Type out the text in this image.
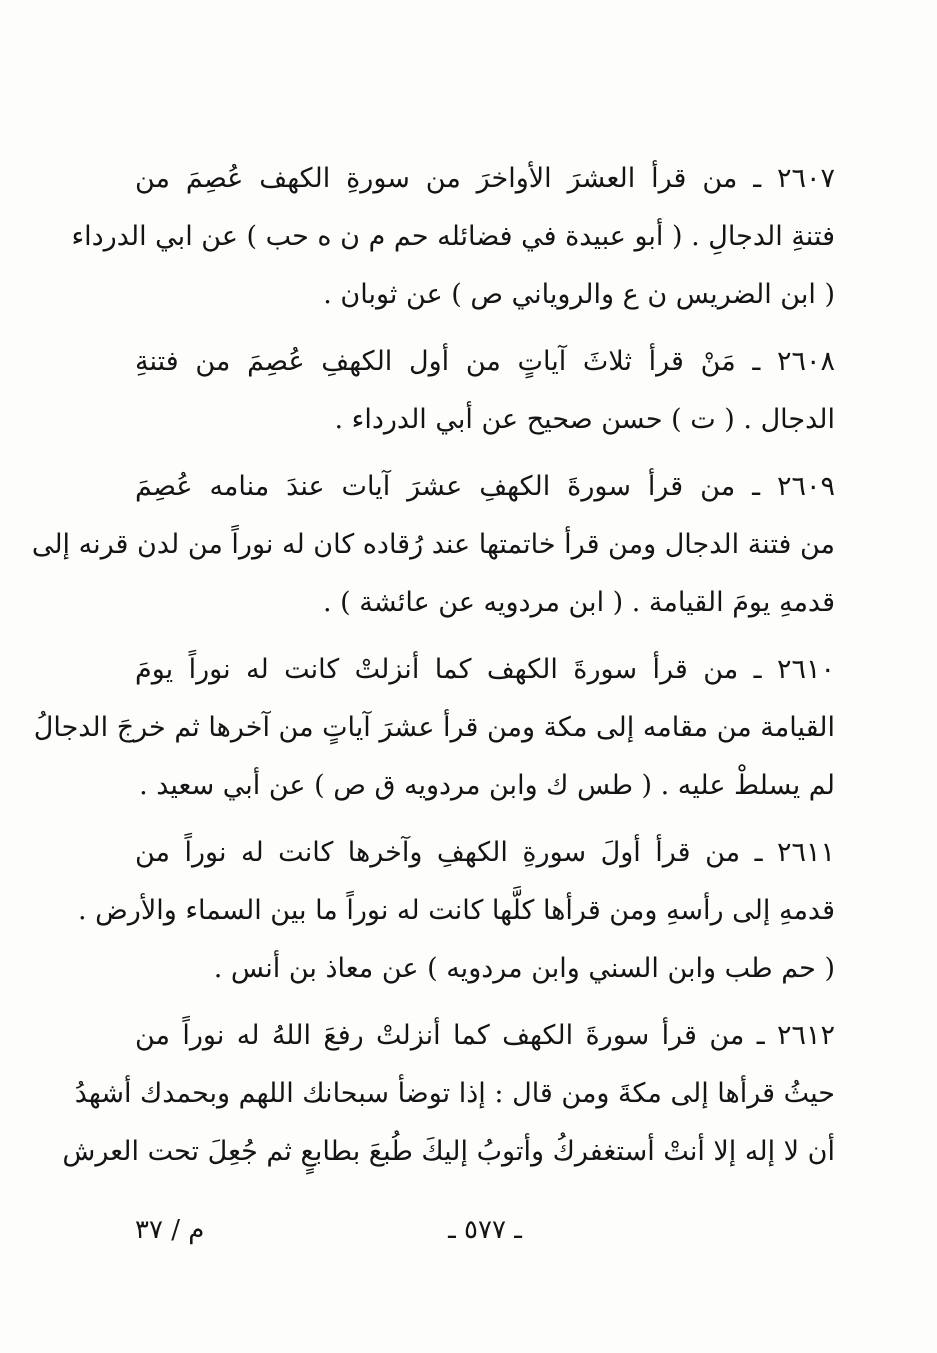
٢٦٠٧ ـ من قرأ العشرَ الأواخرَ من سورةِ الكهف عُصِمَ من
فتنةِ الدجالِ . ( أبو عبيدة في فضائله حم م ن ه حب ) عن ابي الدرداء
( ابن الضريس ن ع والروياني ص ) عن ثوبان .
٢٦٠٨ ـ مَنْ قرأ ثلاثَ آياتٍ من أول الكهفِ عُصِمَ من فتنةِ
الدجال . ( ت ) حسن صحيح عن أبي الدرداء .
٢٦٠٩ ـ من قرأ سورةَ الكهفِ عشرَ آيات عندَ منامه عُصِمَ
من فتنة الدجال ومن قرأ خاتمتها عند رُقاده كان له نوراً من لدن قرنه إلى
قدمهِ يومَ القيامة . ( ابن مردويه عن عائشة ) .
٢٦١٠ ـ من قرأ سورةَ الكهف كما أنزلتْ كانت له نوراً يومَ
القيامة من مقامه إلى مكة ومن قرأ عشرَ آياتٍ من آخرها ثم خرجَ الدجالُ
لم يسلطْ عليه . ( طس ك وابن مردويه ق ص ) عن أبي سعيد .
٢٦١١ ـ من قرأ أولَ سورةِ الكهفِ وآخرها كانت له نوراً من
قدمهِ إلى رأسهِ ومن قرأها كلَّها كانت له نوراً ما بين السماء والأرض .
( حم طب وابن السني وابن مردويه ) عن معاذ بن أنس .
٢٦١٢ ـ من قرأ سورةَ الكهف كما أنزلتْ رفعَ اللهُ له نوراً من
حيثُ قرأها إلى مكةَ ومن قال : إذا توضأ سبحانك اللهم وبحمدك أشهدُ
أن لا إله إلا أنتْ أستغفركُ وأتوبُ إليكَ طُبعَ بطابعٍ ثم جُعِلَ تحت العرش
م / ٣٧	ـ ٥٧٧ ـ
